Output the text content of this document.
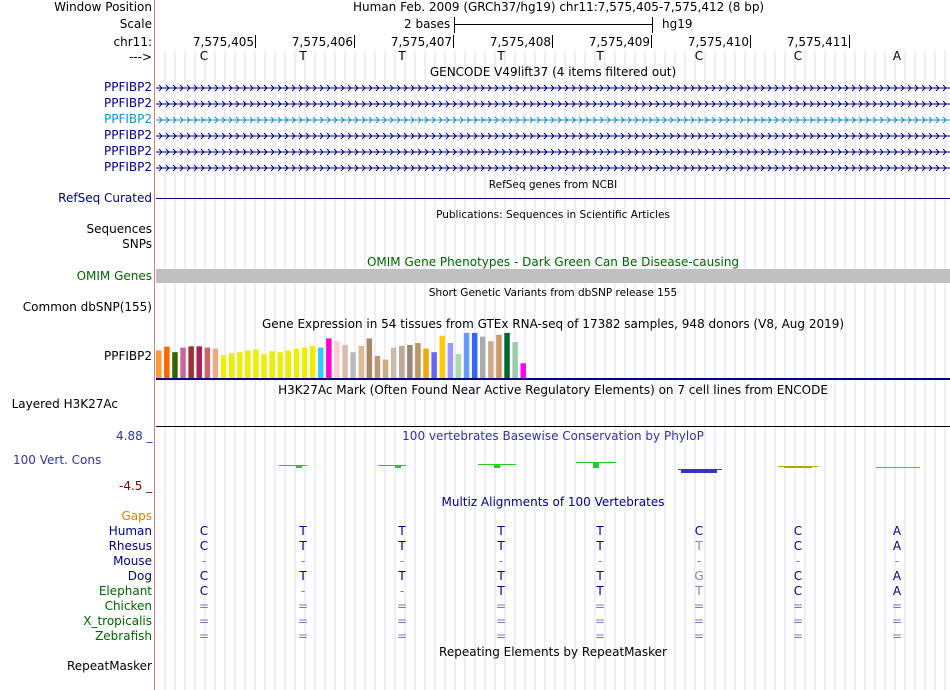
Window Position	Human Feb. 2009 (GRCh37/hg19) chr11:7,575,405-7,575,412 (8 bp)
Scale	2 bases	hg19
chr11:	7,575,405	7,575,406	7,575,407	7,575,408	7,575,409	7,575,410	7,575,411
--->	C	T	T	T	T	C	C	A
GENCODE V49lift37 (4 items filtered out)
PPFIBP2
PPFIBP2
PPFIBP2
PPFIBP2
PPFIBP2
PPFIBP2
RefSeq genes from NCBI
RefSeq Curated
Publications: Sequences in Scientific Articles
Sequences
SNPs
OMIM Gene Phenotypes - Dark Green Can Be Disease-causing
OMIM Genes
Short Genetic Variants from dbSNP release 155
Common dbSNP(155)
Gene Expression in 54 tissues from GTEx RNA-seq of 17382 samples, 948 donors (V8, Aug 2019)
PPFIBP2
H3K27Ac Mark (Often Found Near Active Regulatory Elements) on 7 cell lines from ENCODE
Layered H3K27Ac
100 vertebrates Basewise Conservation by PhyloP
4.88 _
100 Vert. Cons
-4.5 _
Multiz Alignments of 100 Vertebrates
Gaps
Human	C	T	T	T	T	C	C	A
Rhesus	C	T	T	T	T	T	C	A
Mouse	-	-	-	-	-	-	-	-
Dog	C	T	T	T	T	G	C	A
Elephant	C	-	-	T	T	T	C	A
Chicken	=	=	=	=	=	=	=	=
X_tropicalis	=	=	=	=	=	=	=	=
Zebrafish	=	=	=	=	=	=	=	=
Repeating Elements by RepeatMasker
RepeatMasker
